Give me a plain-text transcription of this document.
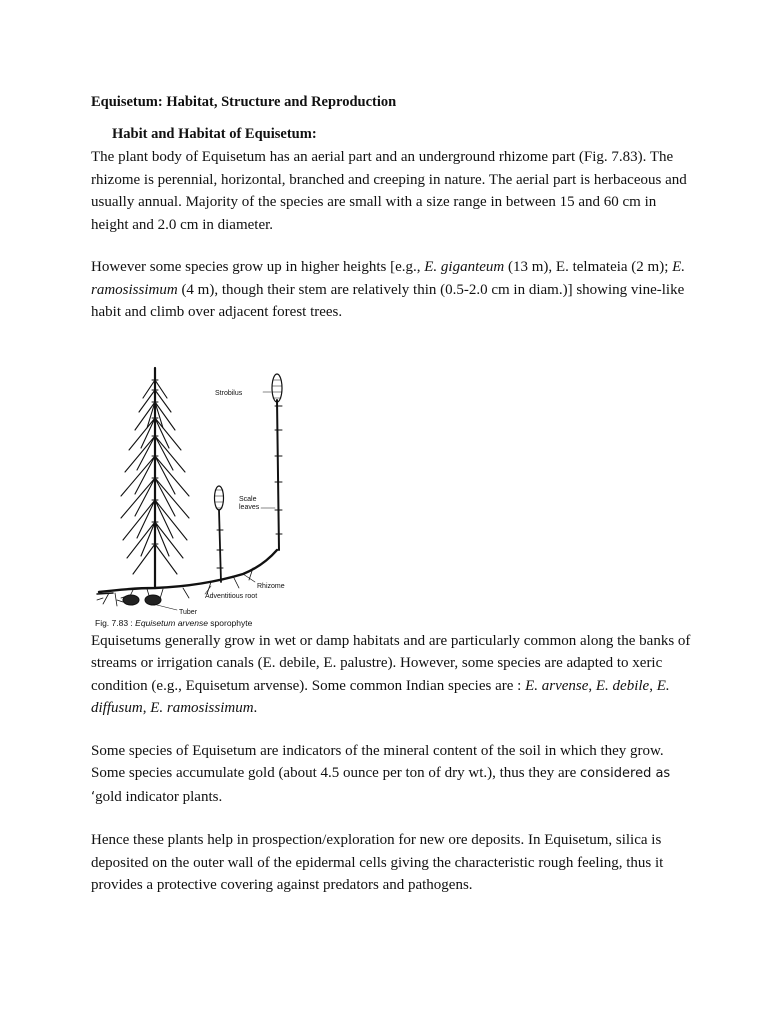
Equisetum: Habitat, Structure and Reproduction
Habit and Habitat of Equisetum:

The plant body of Equisetum has an aerial part and an underground rhizome part (Fig. 7.83). The rhizome is perennial, horizontal, branched and creeping in nature. The aerial part is herbaceous and usually annual. Majority of the species are small with a size range in between 15 and 60 cm in height and 2.0 cm in diameter.

However some species grow up in higher heights [e.g., E. giganteum (13 m), E. telmateia (2 m); E. ramosissimum (4 m), though their stem are relatively thin (0.5-2.0 cm in diam.)] showing vine-like habit and climb over adjacent forest trees.

Strobilus
Scale
leaves
Rhizome
Adventitious root
Tuber
Fig. 7.83 : Equisetum arvense sporophyte

Equisetums generally grow in wet or damp habitats and are particularly common along the banks of streams or irrigation canals (E. debile, E. palustre). However, some species are adapted to xeric condition (e.g., Equisetum arvense). Some common Indian species are : E. arvense, E. debile, E. diffusum, E. ramosissimum.

Some species of Equisetum are indicators of the mineral content of the soil in which they grow. Some species accumulate gold (about 4.5 ounce per ton of dry wt.), thus they are considered as ‘gold indicator plants.

Hence these plants help in prospection/exploration for new ore deposits. In Equisetum, silica is deposited on the outer wall of the epidermal cells giving the characteristic rough feeling, thus it provides a protective covering against predators and pathogens.
